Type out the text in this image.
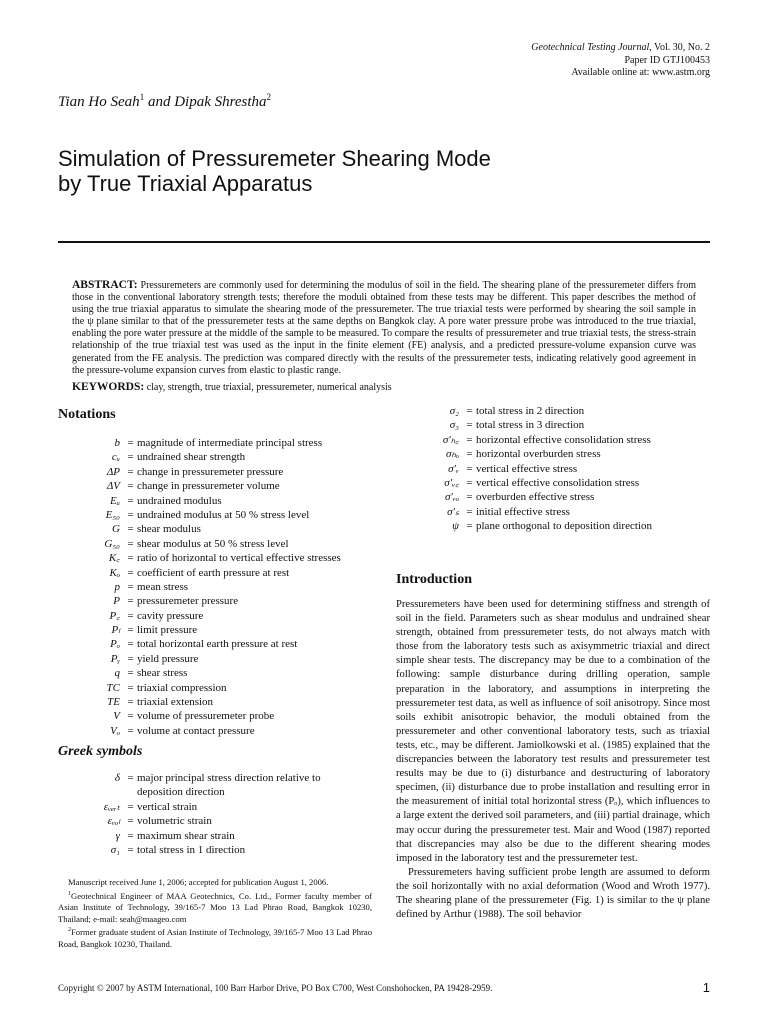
Geotechnical Testing Journal, Vol. 30, No. 2
Paper ID GTJ100453
Available online at: www.astm.org
Tian Ho Seah$^1$ and Dipak Shrestha$^2$
Simulation of Pressuremeter Shearing Mode
by True Triaxial Apparatus
ABSTRACT: Pressuremeters are commonly used for determining the modulus of soil in the field. The shearing plane of the pressuremeter differs from those in the conventional laboratory strength tests; therefore the moduli obtained from these tests may be different. This paper describes the method of using the true triaxial apparatus to simulate the shearing mode of the pressuremeter. The true triaxial tests were performed by shearing the soil sample in the ψ plane similar to that of the pressuremeter tests at the same depths on Bangkok clay. A pore water pressure probe was introduced to the true triaxial, enabling the pore water pressure at the middle of the sample to be measured. To compare the results of pressuremeter and true triaxial tests, the stress-strain relationship of the true triaxial test was used as the input in the finite element (FE) analysis, and a predicted pressure-volume expansion curve was generated from the FE analysis. The prediction was compared directly with the results of the pressuremeter tests, indicating relatively good agreement in the pressure-volume expansion curves from elastic to plastic range.
KEYWORDS: clay, strength, true triaxial, pressuremeter, numerical analysis
Notations
b = magnitude of intermediate principal stress
cᵤ = undrained shear strength
ΔP = change in pressuremeter pressure
ΔV = change in pressuremeter volume
Eᵤ = undrained modulus
E₅₀ = undrained modulus at 50 % stress level
G = shear modulus
G₅₀ = shear modulus at 50 % stress level
K꜀ = ratio of horizontal to vertical effective stresses
Kₒ = coefficient of earth pressure at rest
p = mean stress
P = pressuremeter pressure
P꜀ = cavity pressure
Pₗ = limit pressure
Pₒ = total horizontal earth pressure at rest
Pᵧ = yield pressure
q = shear stress
TC = triaxial compression
TE = triaxial extension
V = volume of pressuremeter probe
Vₒ = volume at contact pressure
Greek symbols
δ = major principal stress direction relative to deposition direction
εᵥₑᵣₜ = vertical strain
εᵥₒₗ = volumetric strain
γ = maximum shear strain
σ₁ = total stress in 1 direction

Manuscript received June 1, 2006; accepted for publication August 1, 2006.

$^1$Geotechnical Engineer of MAA Geotechnics, Co. Ltd., Former faculty member of Asian Institute of Technology, 39/165-7 Moo 13 Lad Phrao Road, Bangkok 10230, Thailand; e-mail: seah@maageo.com

$^2$Former graduate student of Asian Institute of Technology, 39/165-7 Moo 13 Lad Phrao Road, Bangkok 10230, Thailand.

σ₂ = total stress in 2 direction
σ₃ = total stress in 3 direction
σ′ₕ꜀ = horizontal effective consolidation stress
σₕₒ = horizontal overburden stress
σ′ᵥ = vertical effective stress
σ′ᵥ꜀ = vertical effective consolidation stress
σ′ᵥₒ = overburden effective stress
σ′ₛ = initial effective stress
ψ = plane orthogonal to deposition direction
Introduction

Pressuremeters have been used for determining stiffness and strength of soil in the field. Parameters such as shear modulus and undrained shear strength, obtained from pressuremeter tests, do not always match with those from the laboratory tests such as axisymmetric triaxial and direct simple shear tests. The discrepancy may be due to a combination of the following: sample disturbance during drilling operation, sample preparation in the laboratory, and assumptions in interpreting the pressuremeter test data, as well as influence of soil anisotropy. Since most soils exhibit anisotropic behavior, the moduli obtained from the pressuremeter and other conventional laboratory tests, such as triaxial tests, etc., may be different. Jamiolkowski et al. (1985) explained that the discrepancies between the laboratory test results and pressuremeter test results may be due to (i) disturbance and destructuring of laboratory specimen, (ii) disturbance due to probe installation and resulting error in the measurement of initial total horizontal stress (Pₒ), which influences to a large extent the derived soil parameters, and (iii) partial drainage, which may occur during the pressuremeter test. Mair and Wood (1987) reported that discrepancies may also be due to the different shearing modes imposed in the laboratory test and the pressuremeter test.

Pressuremeters having sufficient probe length are assumed to deform the soil horizontally with no axial deformation (Wood and Wroth 1977). The shearing plane of the pressuremeter (Fig. 1) is similar to the ψ plane defined by Arthur (1988). The soil behavior

Copyright © 2007 by ASTM International, 100 Barr Harbor Drive, PO Box C700, West Conshohocken, PA 19428-2959.	1
